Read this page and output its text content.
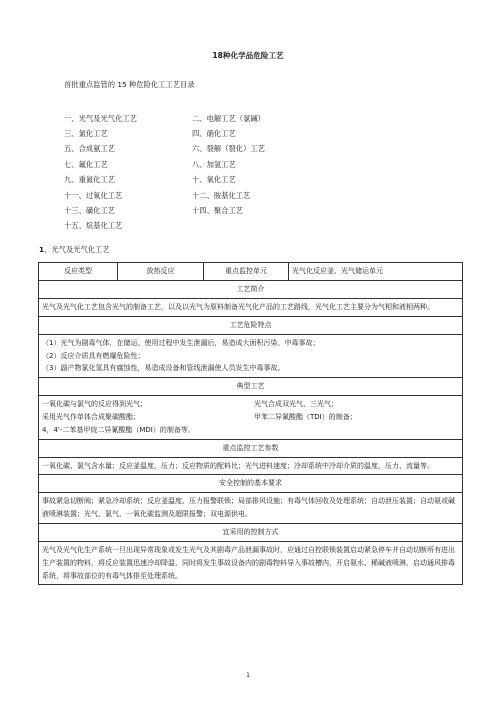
18种化学品危险工艺
首批重点监管的 15 种危险化工工艺目录
一、光气及光气化工艺	二、电解工艺（氯碱）
三、氯化工艺	四、硝化工艺
五、合成氨工艺	六、裂解（裂化）工艺
七、氟化工艺	八、加氢工艺
九、重氮化工艺	十、氧化工艺
十一、过氧化工艺	十二、胺基化工艺
十三、磺化工艺	十四、聚合工艺
十五、烷基化工艺
1、光气及光气化工艺
反应类型	放热反应	重点监控单元	光气化反应釜、光气储运单元
工艺简介
光气及光气化工艺包含光气的制备工艺，以及以光气为原料制备光气化产品的工艺路线，光气化工艺主要分为气相和液相两种。
工艺危险特点

（1）光气为剧毒气体，在储运、使用过程中发生泄漏后，易造成大面积污染、中毒事故；
（2）反应介质具有燃爆危险性；
（3）副产物氯化氢具有腐蚀性，易造成设备和管线泄漏使人员发生中毒事故。

典型工艺

一氧化碳与氯气的反应得到光气；	光气合成双光气、三光气；
采用光气作单体合成聚碳酸酯；	甲苯二异氰酸酯（TDI）的制备；
4，4'-二苯基甲烷二异氰酸酯（MDI）的制备等。

重点监控工艺参数
一氧化碳、氯气含水量；反应釜温度、压力；反应物质的配料比；光气进料速度；冷却系统中冷却介质的温度、压力、流量等。
安全控制的基本要求
事故紧急切断阀；紧急冷却系统；反应釜温度、压力报警联锁；局部排风设施；有毒气体回收及处理系统；自动泄压装置；自动氨或碱液喷淋装置；光气、氯气、一氧化碳监测及超限报警；双电源供电。
宜采用的控制方式
光气及光气化生产系统一旦出现异常现象或发生光气及其剧毒产品泄漏事故时，应通过自控联锁装置启动紧急停车并自动切断所有进出生产装置的物料，将反应装置迅速冷却降温，同时将发生事故设备内的剧毒物料导入事故槽内，开启氨水、稀碱液喷淋，启动通风排毒系统，将事故部位的有毒气体排至处理系统。
1
